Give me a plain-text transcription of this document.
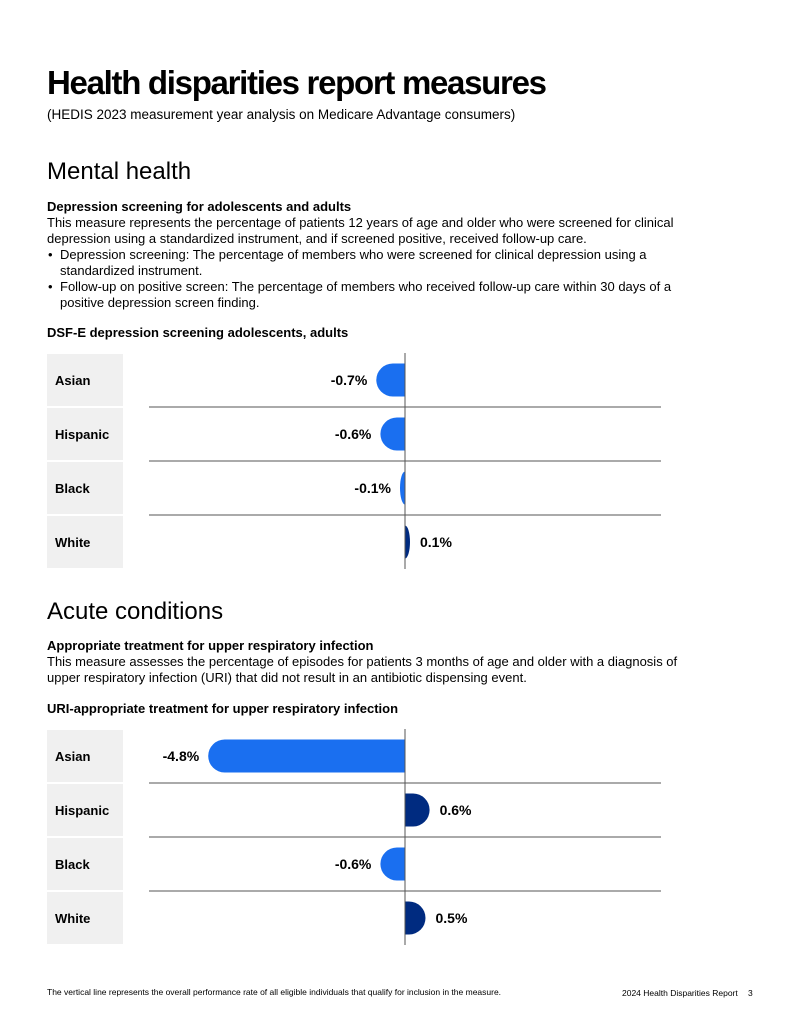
Health disparities report measures

(HEDIS 2023 measurement year analysis on Medicare Advantage consumers)

Mental health

Depression screening for adolescents and adults

This measure represents the percentage of patients 12 years of age and older who were screened for clinical depression using a standardized instrument, and if screened positive, received follow-up care.

• Depression screening: The percentage of members who were screened for clinical depression using a standardized instrument.
• Follow-up on positive screen: The percentage of members who received follow-up care within 30 days of a positive depression screen finding.

DSF-E depression screening adolescents, adults

Acute conditions

Appropriate treatment for upper respiratory infection

This measure assesses the percentage of episodes for patients 3 months of age and older with a diagnosis of upper respiratory infection (URI) that did not result in an antibiotic dispensing event.

URI-appropriate treatment for upper respiratory infection

Asian	-0.7%
Hispanic	-0.6%
Black	-0.1%
White	0.1%
Asian	-4.8%
Hispanic	0.6%
Black	-0.6%
White	0.5%

The vertical line represents the overall performance rate of all eligible individuals that qualify for inclusion in the measure.	2024 Health Disparities Report 3
